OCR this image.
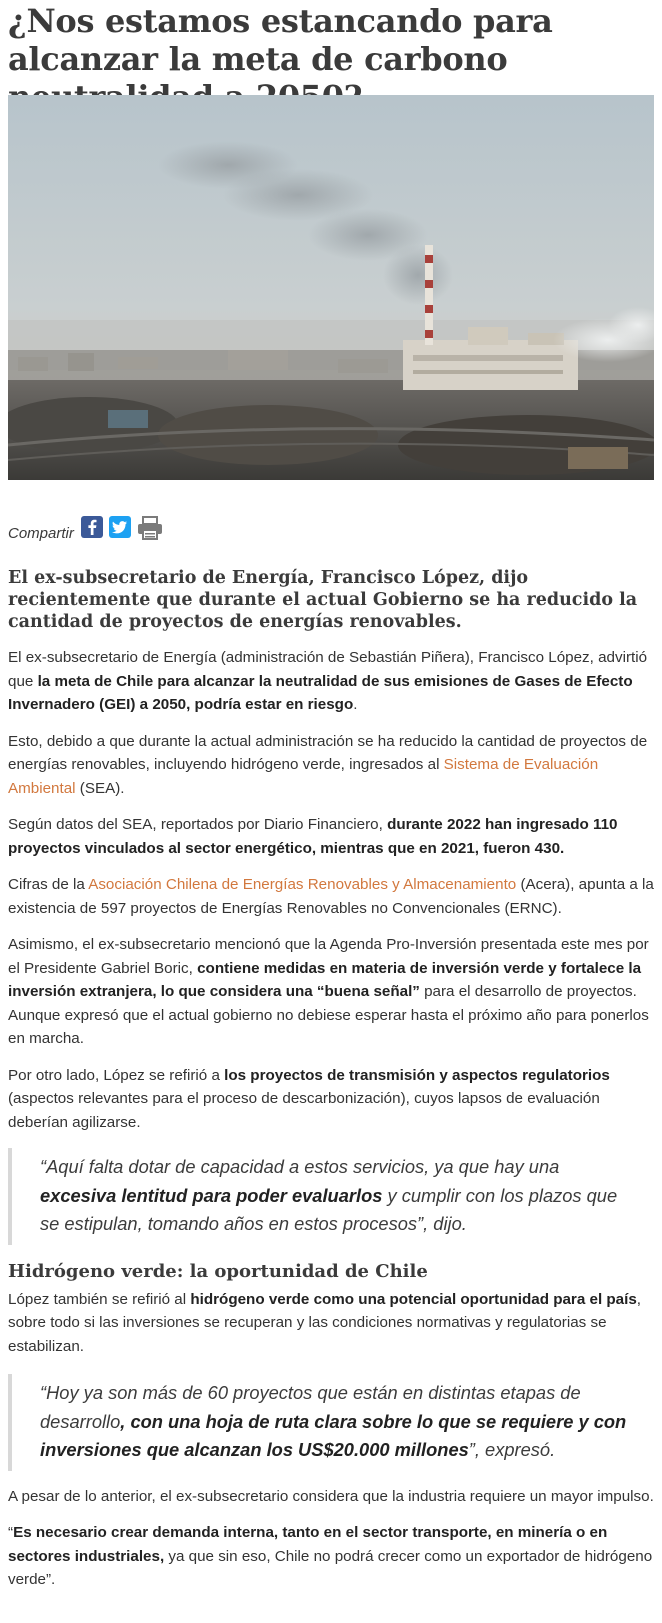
¿Nos estamos estancando para alcanzar la meta de carbono
Compartir
El ex-subsecretario de Energía, Francisco López, dijo recientemente que durante el actual Gobierno se ha reducido la cantidad de proyectos de energías renovables.

El ex-subsecretario de Energía (administración de Sebastián Piñera), Francisco López, advirtió que la meta de Chile para alcanzar la neutralidad de sus emisiones de Gases de Efecto Invernadero (GEI) a 2050, podría estar en riesgo.

Esto, debido a que durante la actual administración se ha reducido la cantidad de proyectos de energías renovables, incluyendo hidrógeno verde, ingresados al Sistema de Evaluación Ambiental (SEA).

Según datos del SEA, reportados por Diario Financiero, durante 2022 han ingresado 110 proyectos vinculados al sector energético, mientras que en 2021, fueron 430.

Cifras de la Asociación Chilena de Energías Renovables y Almacenamiento (Acera), apunta a la existencia de 597 proyectos de Energías Renovables no Convencionales (ERNC).

Asimismo, el ex-subsecretario mencionó que la Agenda Pro-Inversión presentada este mes por el Presidente Gabriel Boric, contiene medidas en materia de inversión verde y fortalece la inversión extranjera, lo que considera una “buena señal” para el desarrollo de proyectos. Aunque expresó que el actual gobierno no debiese esperar hasta el próximo año para ponerlos en marcha.

Por otro lado, López se refirió a los proyectos de transmisión y aspectos regulatorios (aspectos relevantes para el proceso de descarbonización), cuyos lapsos de evaluación deberían agilizarse.

“Aquí falta dotar de capacidad a estos servicios, ya que hay una excesiva lentitud para poder evaluarlos y cumplir con los plazos que se estipulan, tomando años en estos procesos”, dijo.

Hidrógeno verde: la oportunidad de Chile

López también se refirió al hidrógeno verde como una potencial oportunidad para el país, sobre todo si las inversiones se recuperan y las condiciones normativas y regulatorias se estabilizan.

“Hoy ya son más de 60 proyectos que están en distintas etapas de desarrollo, con una hoja de ruta clara sobre lo que se requiere y con inversiones que alcanzan los US$20.000 millones”, expresó.

A pesar de lo anterior, el ex-subsecretario considera que la industria requiere un mayor impulso.

“Es necesario crear demanda interna, tanto en el sector transporte, en minería o en sectores industriales, ya que sin eso, Chile no podrá crecer como un exportador de hidrógeno verde”.
